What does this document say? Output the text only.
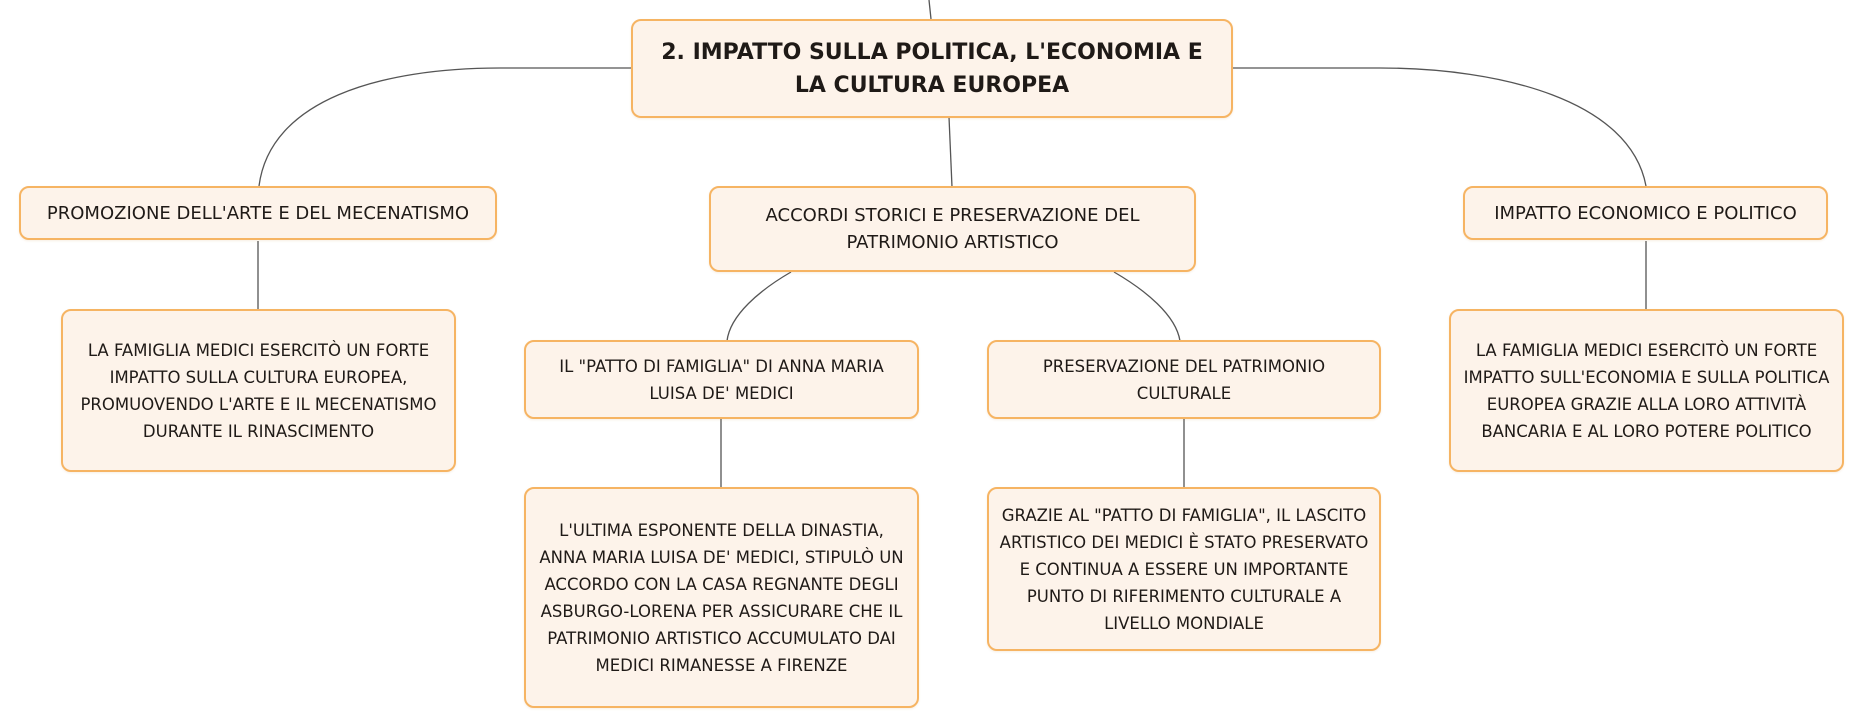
2. IMPATTO SULLA POLITICA, L'ECONOMIA E LA CULTURA EUROPEA
PROMOZIONE DELL'ARTE E DEL MECENATISMO	ACCORDI STORICI E PRESERVAZIONE DEL PATRIMONIO ARTISTICO
IMPATTO ECONOMICO E POLITICO
LA FAMIGLIA MEDICI ESERCITÒ UN FORTE IMPATTO SULLA CULTURA EUROPEA, PROMUOVENDO L'ARTE E IL MECENATISMO DURANTE IL RINASCIMENTO
IL "PATTO DI FAMIGLIA" DI ANNA MARIA LUISA DE' MEDICI
PRESERVAZIONE DEL PATRIMONIO CULTURALE
LA FAMIGLIA MEDICI ESERCITÒ UN FORTE IMPATTO SULL'ECONOMIA E SULLA POLITICA EUROPEA GRAZIE ALLA LORO ATTIVITÀ BANCARIA E AL LORO POTERE POLITICO
L'ULTIMA ESPONENTE DELLA DINASTIA, ANNA MARIA LUISA DE' MEDICI, STIPULÒ UN ACCORDO CON LA CASA REGNANTE DEGLI ASBURGO-LORENA PER ASSICURARE CHE IL PATRIMONIO ARTISTICO ACCUMULATO DAI MEDICI RIMANESSE A FIRENZE
GRAZIE AL "PATTO DI FAMIGLIA", IL LASCITO ARTISTICO DEI MEDICI È STATO PRESERVATO E CONTINUA A ESSERE UN IMPORTANTE PUNTO DI RIFERIMENTO CULTURALE A LIVELLO MONDIALE
